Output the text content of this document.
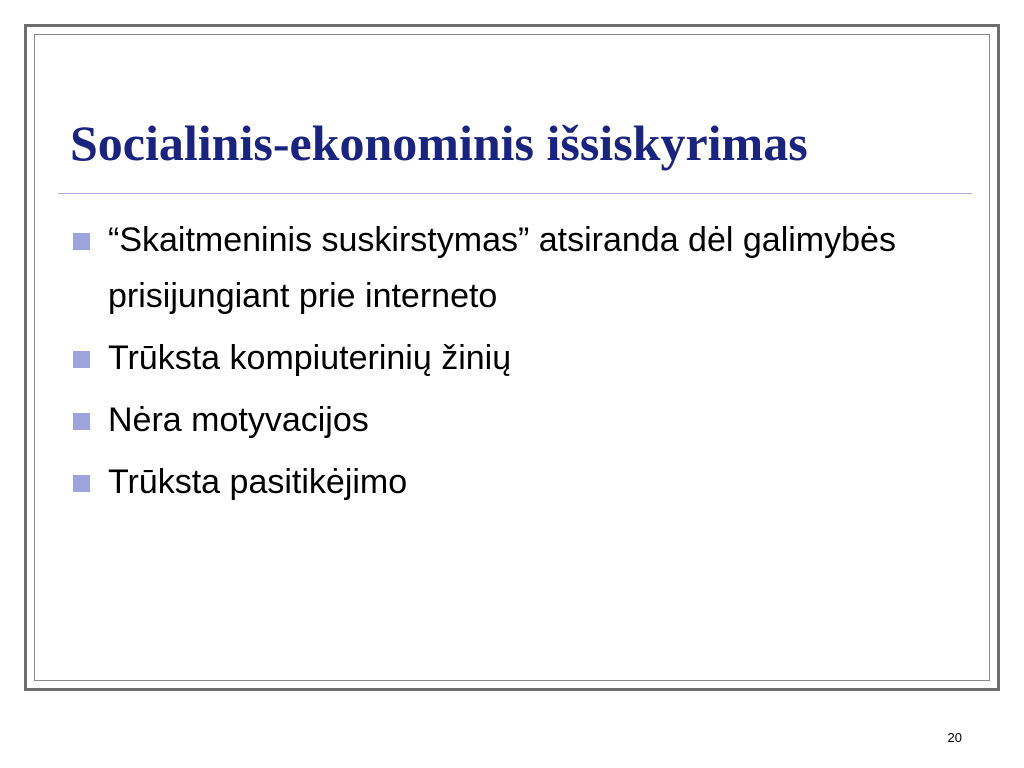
Socialinis-ekonominis išsiskyrimas
“Skaitmeninis suskirstymas” atsiranda dėl galimybės prisijungiant prie interneto
Trūksta kompiuterinių žinių
Nėra motyvacijos
Trūksta pasitikėjimo
20
